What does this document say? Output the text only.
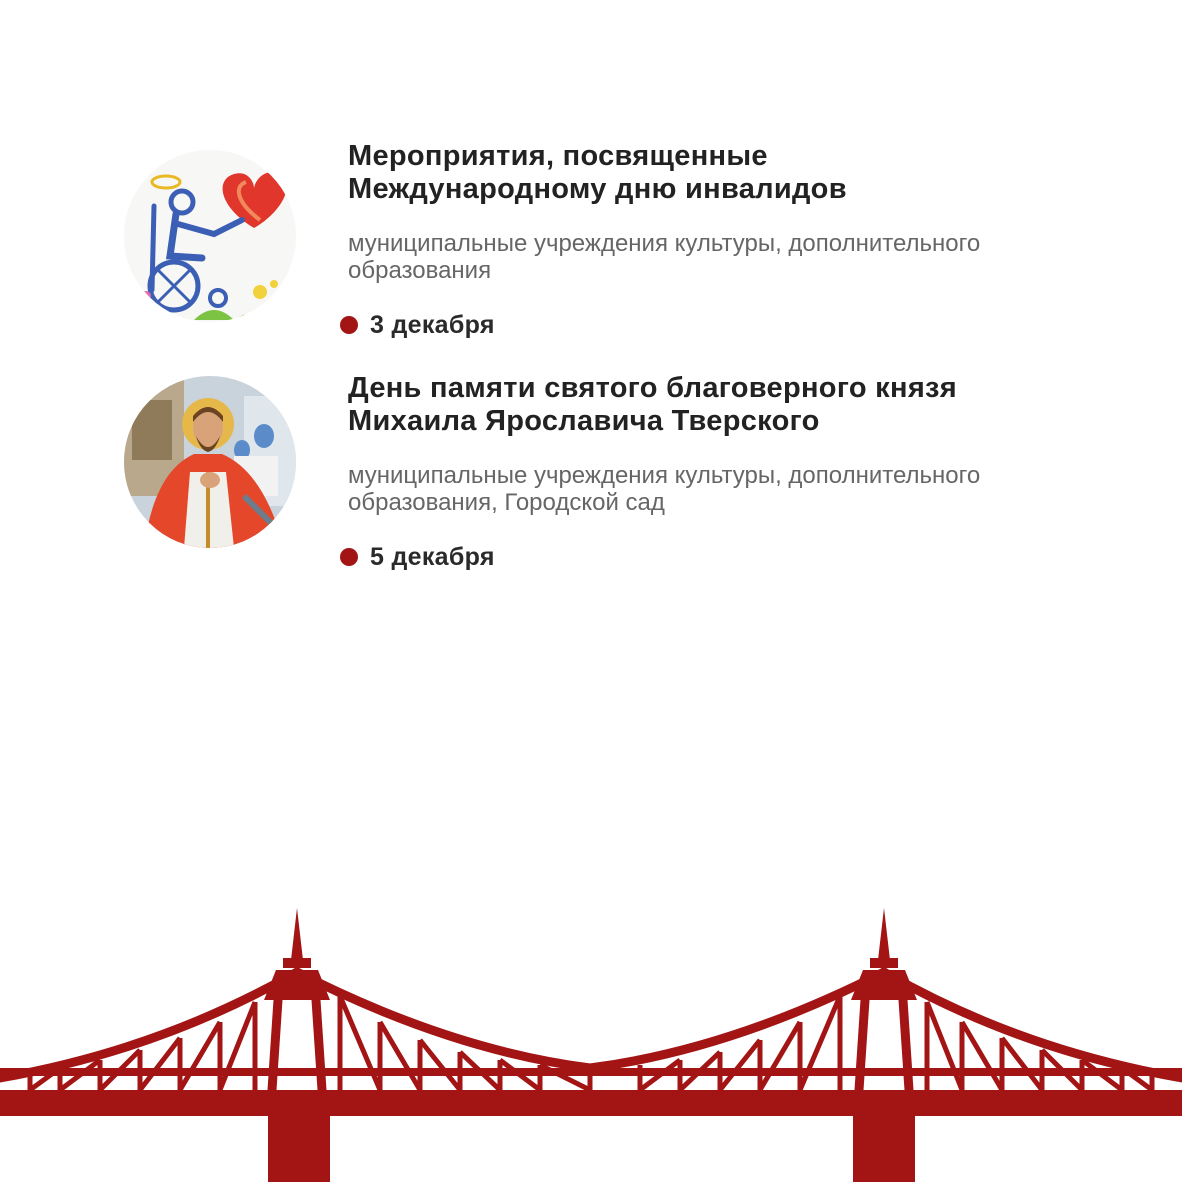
Мероприятия, посвященные
Международному дню инвалидов

муниципальные учреждения культуры, дополнительного
образования

3 декабря

День памяти святого благоверного князя
Михаила Ярославича Тверского

муниципальные учреждения культуры, дополнительного
образования, Городской сад

5 декабря
